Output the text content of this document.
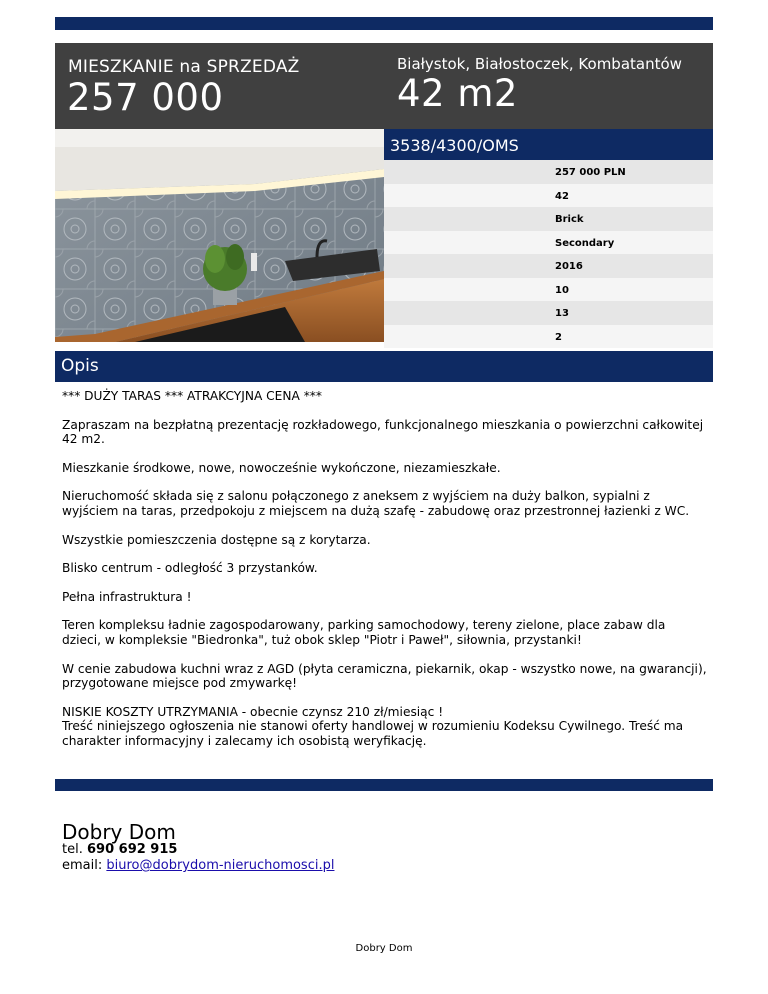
MIESZKANIE na SPRZEDAŻ
257 000
Białystok, Białostoczek, Kombatantów
42 m2
3538/4300/OMS
257 000 PLN
42
Brick
Secondary
2016
10
13
2
Opis

*** DUŻY TARAS *** ATRAKCYJNA CENA ***

Zapraszam na bezpłatną prezentację rozkładowego, funkcjonalnego mieszkania o powierzchni całkowitej 42 m2.

Mieszkanie środkowe, nowe, nowocześnie wykończone, niezamieszkałe.

Nieruchomość składa się z salonu połączonego z aneksem z wyjściem na duży balkon, sypialni z wyjściem na taras, przedpokoju z miejscem na dużą szafę - zabudowę oraz przestronnej łazienki z WC.

Wszystkie pomieszczenia dostępne są z korytarza.

Blisko centrum - odległość 3 przystanków.

Pełna infrastruktura !

Teren kompleksu ładnie zagospodarowany, parking samochodowy, tereny zielone, place zabaw dla dzieci, w kompleksie "Biedronka", tuż obok sklep "Piotr i Paweł", siłownia, przystanki!

W cenie zabudowa kuchni wraz z AGD (płyta ceramiczna, piekarnik, okap - wszystko nowe, na gwarancji), przygotowane miejsce pod zmywarkę!

NISKIE KOSZTY UTRZYMANIA - obecnie czynsz 210 zł/miesiąc !

Treść niniejszego ogłoszenia nie stanowi oferty handlowej w rozumieniu Kodeksu Cywilnego. Treść ma charakter informacyjny i zalecamy ich osobistą weryfikację.

Dobry Dom
tel. 690 692 915
email: biuro@dobrydom-nieruchomosci.pl
Dobry Dom
